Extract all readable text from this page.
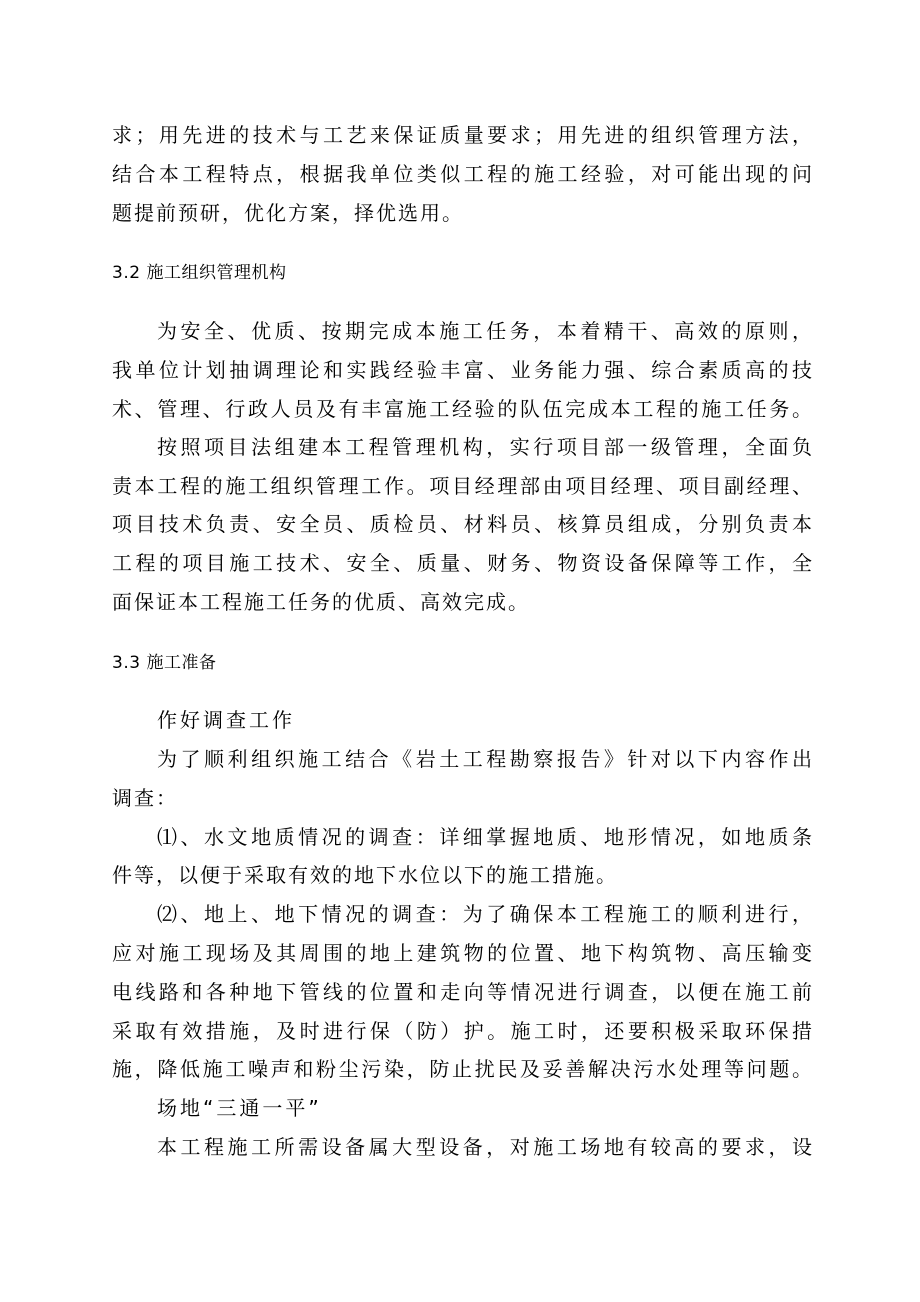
求；用先进的技术与工艺来保证质量要求；用先进的组织管理方法，
结合本工程特点，根据我单位类似工程的施工经验，对可能出现的问
题提前预研，优化方案，择优选用。
3.2 施工组织管理机构
为安全、优质、按期完成本施工任务，本着精干、高效的原则，
我单位计划抽调理论和实践经验丰富、业务能力强、综合素质高的技
术、管理、行政人员及有丰富施工经验的队伍完成本工程的施工任务。
按照项目法组建本工程管理机构，实行项目部一级管理，全面负
责本工程的施工组织管理工作。项目经理部由项目经理、项目副经理、
项目技术负责、安全员、质检员、材料员、核算员组成，分别负责本
工程的项目施工技术、安全、质量、财务、物资设备保障等工作，全
面保证本工程施工任务的优质、高效完成。
3.3 施工准备
作好调查工作
为了顺利组织施工结合《岩土工程勘察报告》针对以下内容作出
调查：
⑴、水文地质情况的调查：详细掌握地质、地形情况，如地质条
件等，以便于采取有效的地下水位以下的施工措施。
⑵、地上、地下情况的调查：为了确保本工程施工的顺利进行，
应对施工现场及其周围的地上建筑物的位置、地下构筑物、高压输变
电线路和各种地下管线的位置和走向等情况进行调查，以便在施工前
采取有效措施，及时进行保（防）护。施工时，还要积极采取环保措
施，降低施工噪声和粉尘污染，防止扰民及妥善解决污水处理等问题。
场地“三通一平”
本工程施工所需设备属大型设备，对施工场地有较高的要求，设
